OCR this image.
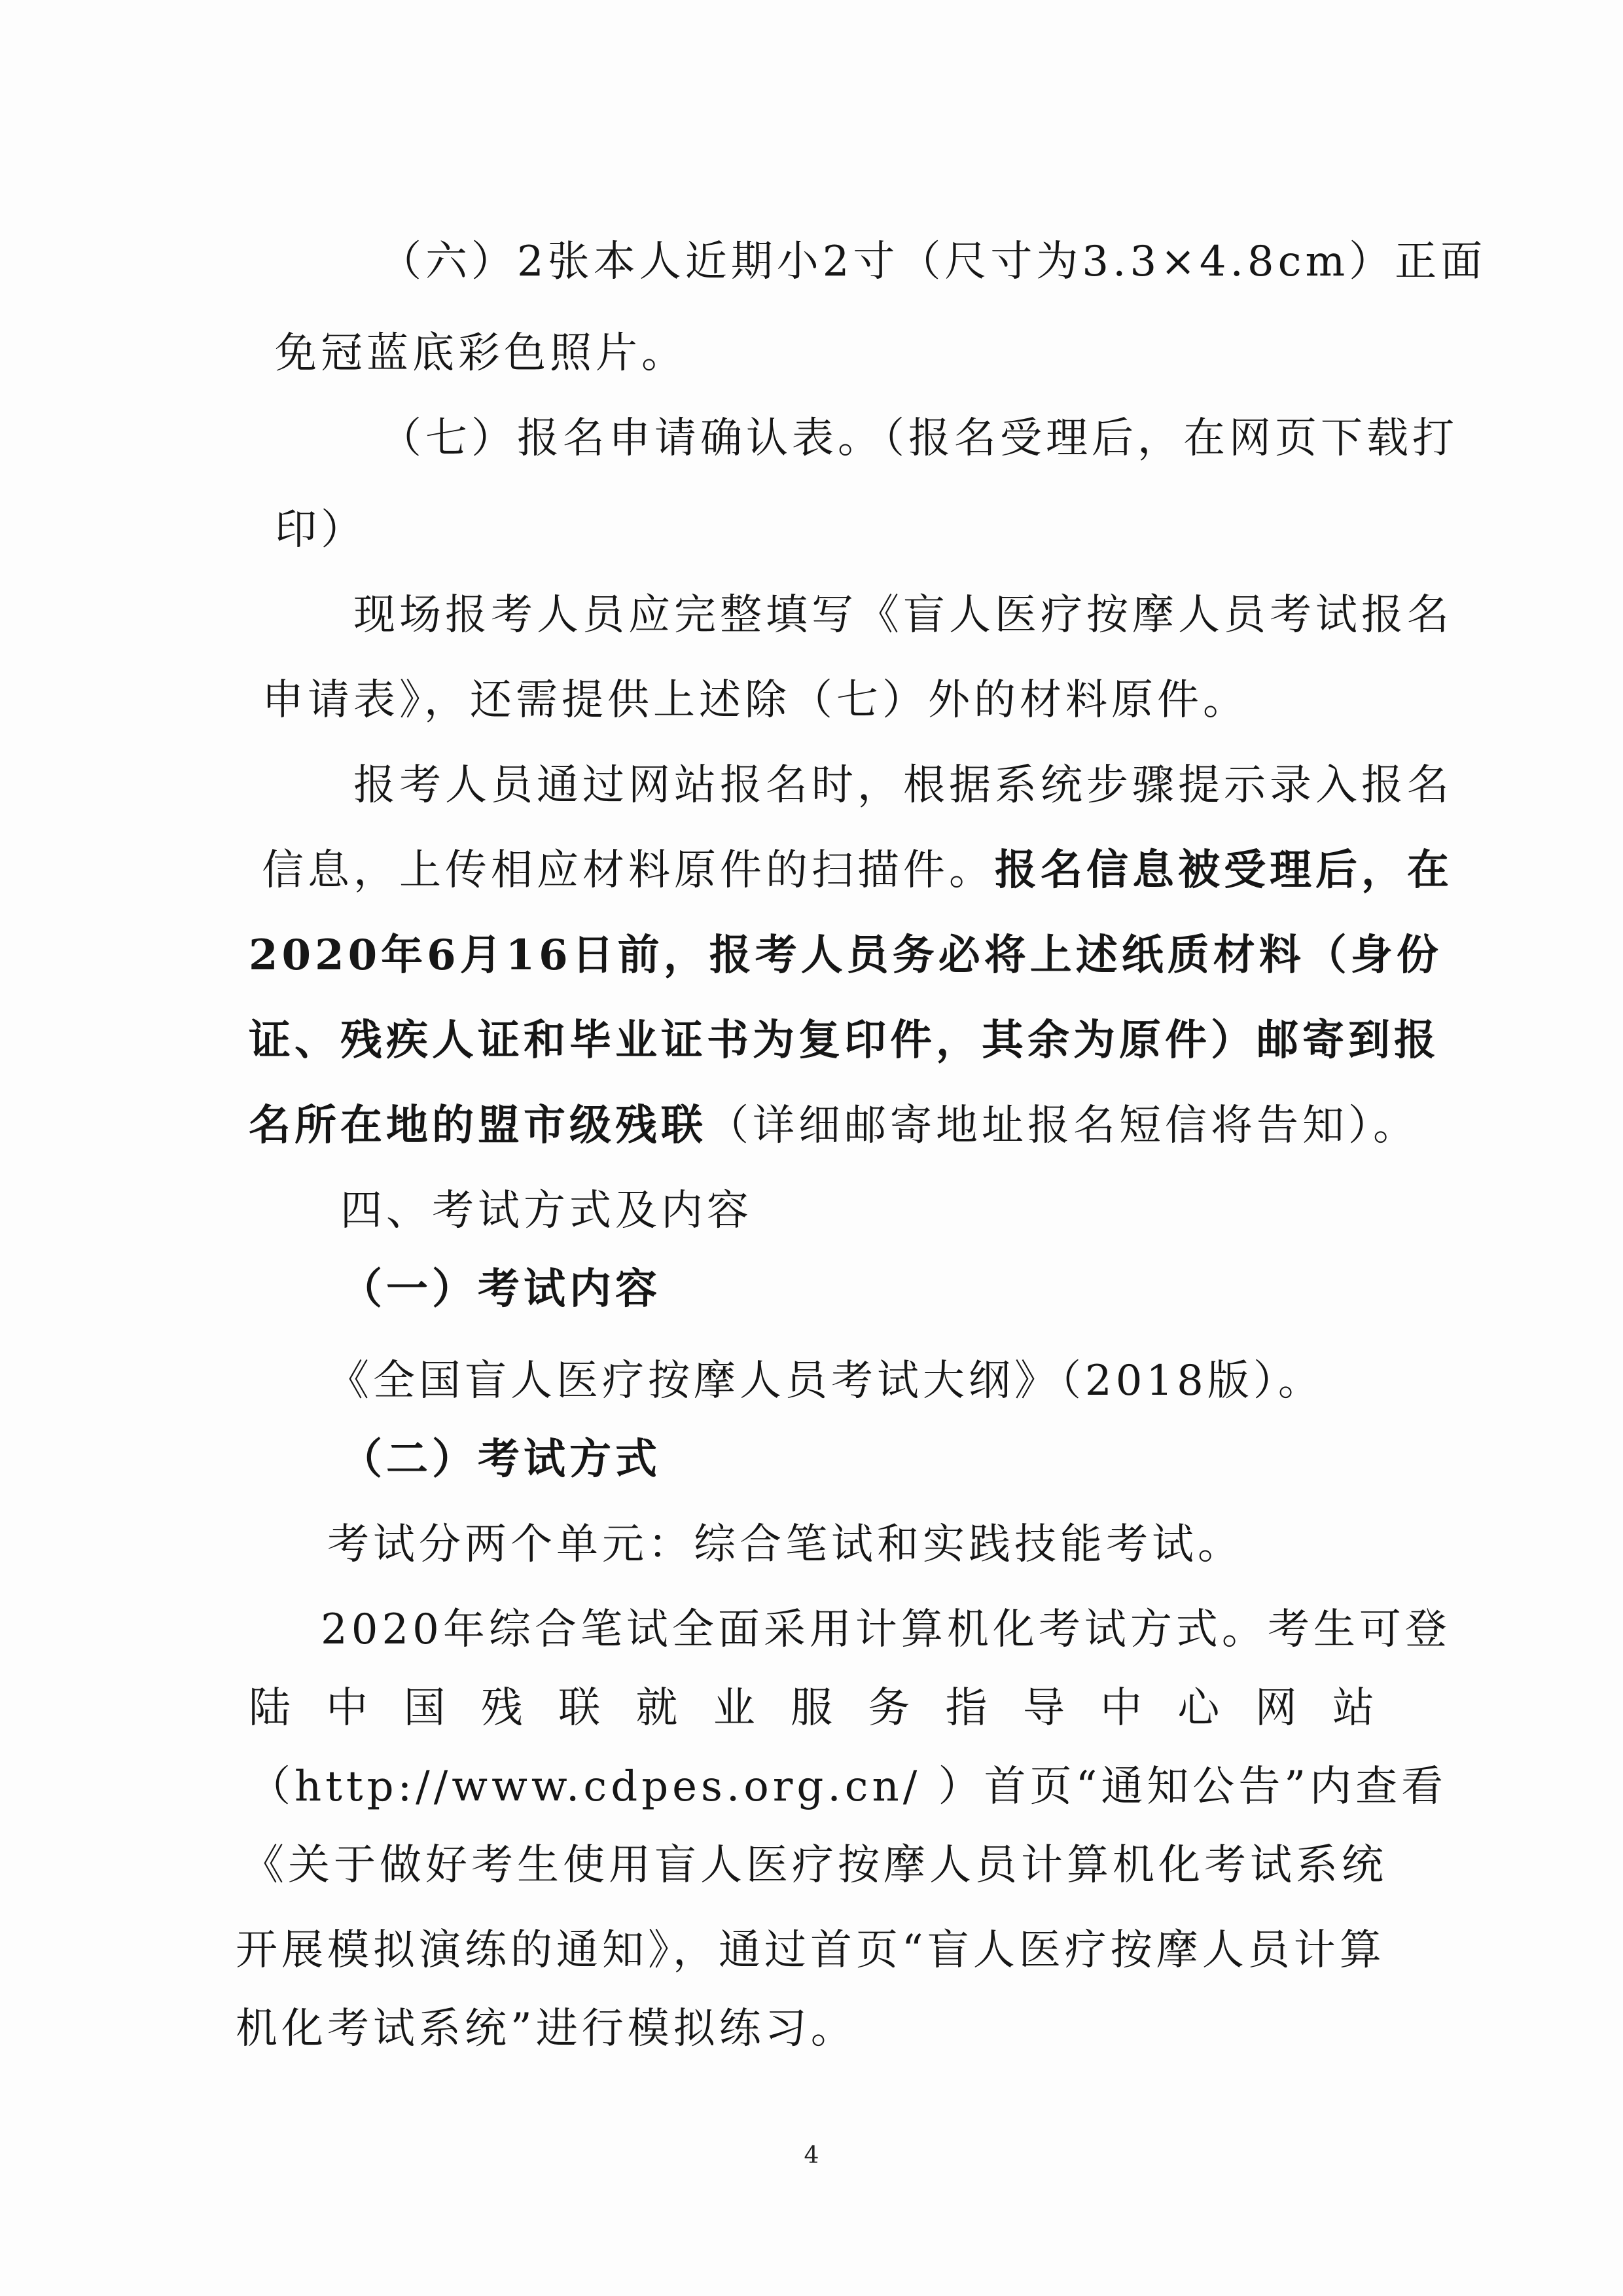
（六）2张本人近期小2寸（尺寸为3.3×4.8cm）正面
免冠蓝底彩色照片。
（七）报名申请确认表。（报名受理后，在网页下载打
印）
现场报考人员应完整填写《盲人医疗按摩人员考试报名
申请表》，还需提供上述除（七）外的材料原件。
报考人员通过网站报名时，根据系统步骤提示录入报名
信息，上传相应材料原件的扫描件。报名信息被受理后，在
2020年6月16日前，报考人员务必将上述纸质材料（身份
证、残疾人证和毕业证书为复印件，其余为原件）邮寄到报
名所在地的盟市级残联（详细邮寄地址报名短信将告知）。
四、考试方式及内容
（一）考试内容
《全国盲人医疗按摩人员考试大纲》（2018版）。
（二）考试方式
考试分两个单元：综合笔试和实践技能考试。
2020年综合笔试全面采用计算机化考试方式。考生可登
陆 中 国 残 联 就 业 服 务 指 导 中 心 网 站
（http://www.cdpes.org.cn/ ）首页“通知公告”内查看
《关于做好考生使用盲人医疗按摩人员计算机化考试系统
开展模拟演练的通知》，通过首页“盲人医疗按摩人员计算
机化考试系统”进行模拟练习。
4
